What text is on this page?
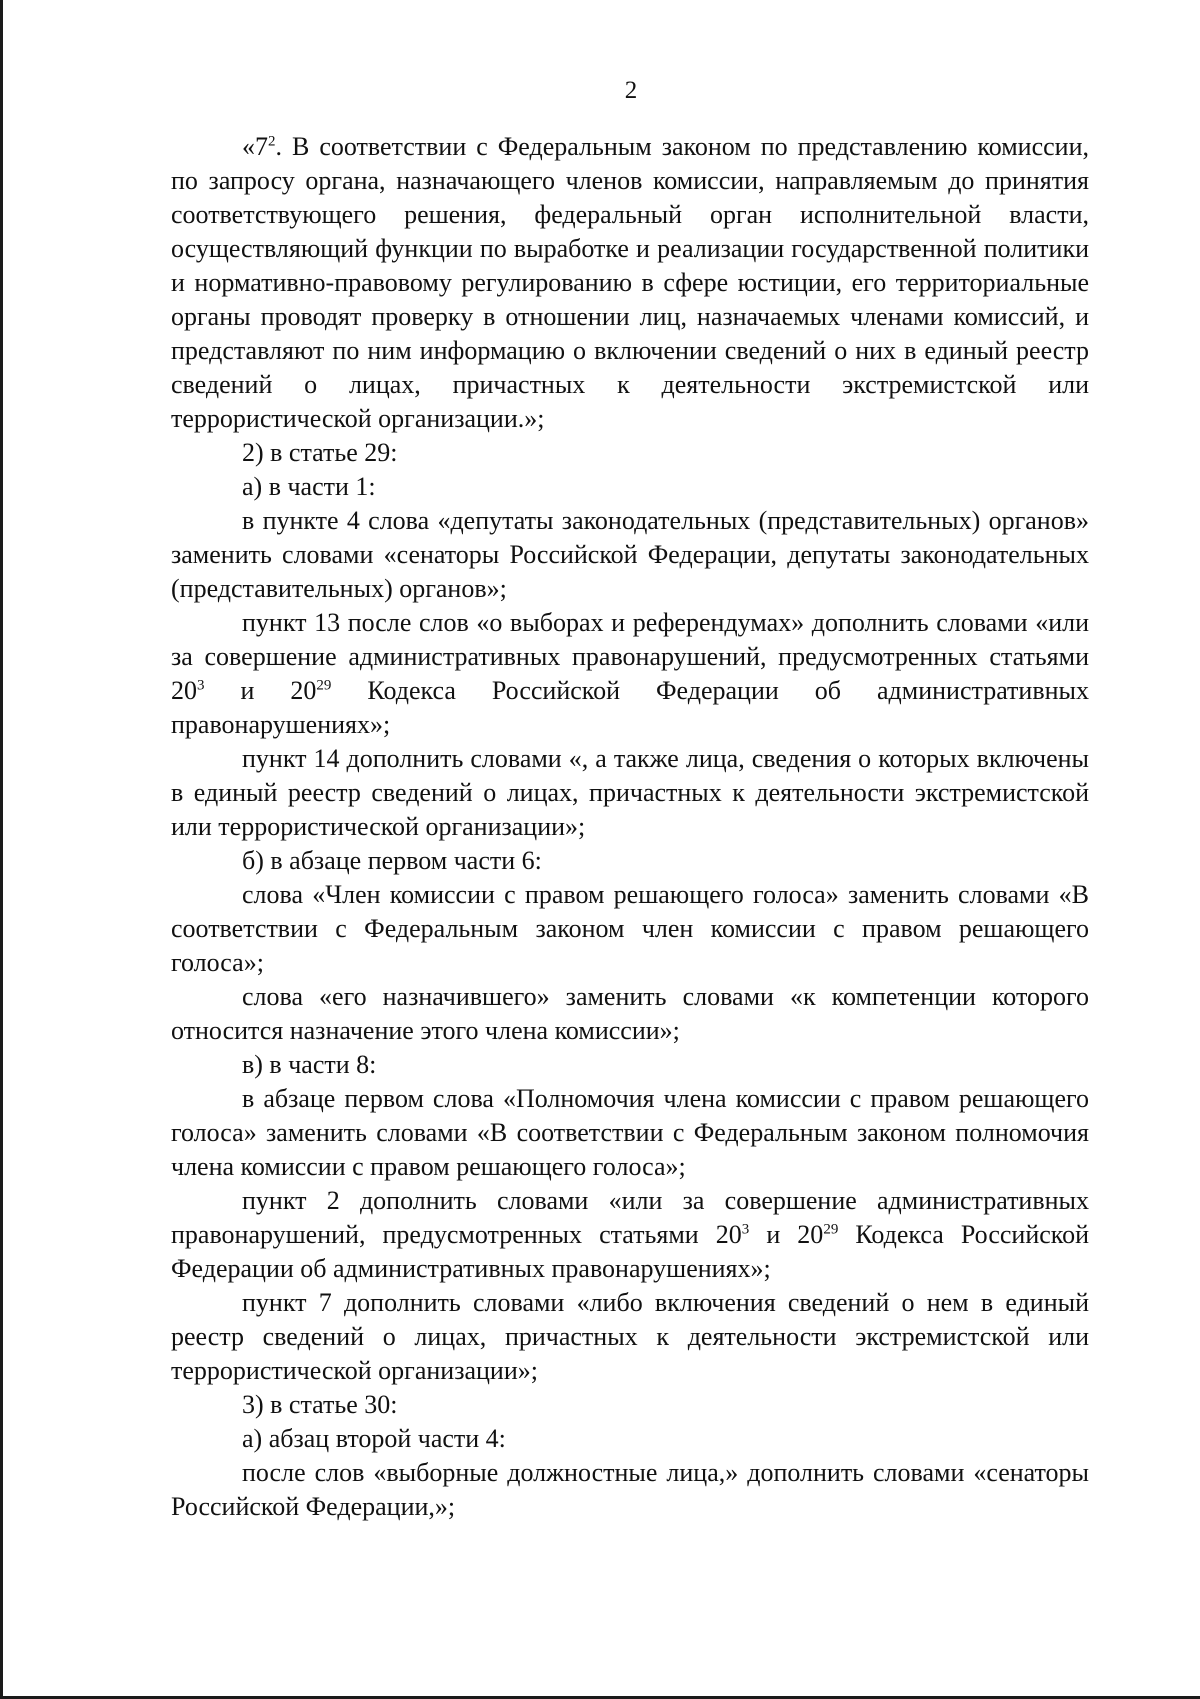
2

«$7^2$. В соответствии с Федеральным законом по представлению комиссии, по запросу органа, назначающего членов комиссии, направляемым до принятия соответствующего решения, федеральный орган исполнительной власти, осуществляющий функции по выработке и реализации государственной политики и нормативно-правовому регулированию в сфере юстиции, его территориальные органы проводят проверку в отношении лиц, назначаемых членами комиссий, и представляют по ним информацию о включении сведений о них в единый реестр сведений о лицах, причастных к деятельности экстремистской или террористической организации.»;

2) в статье 29:

а) в части 1:

в пункте 4 слова «депутаты законодательных (представительных) органов» заменить словами «сенаторы Российской Федерации, депутаты законодательных (представительных) органов»;

пункт 13 после слов «о выборах и референдумах» дополнить словами «или за совершение административных правонарушений, предусмотренных статьями $20^3$ и $20^{29}$ Кодекса Российской Федерации об административных правонарушениях»;

пункт 14 дополнить словами «, а также лица, сведения о которых включены в единый реестр сведений о лицах, причастных к деятельности экстремистской или террористической организации»;

б) в абзаце первом части 6:

слова «Член комиссии с правом решающего голоса» заменить словами «В соответствии с Федеральным законом член комиссии с правом решающего голоса»;

слова «его назначившего» заменить словами «к компетенции которого относится назначение этого члена комиссии»;

в) в части 8:

в абзаце первом слова «Полномочия члена комиссии с правом решающего голоса» заменить словами «В соответствии с Федеральным законом полномочия члена комиссии с правом решающего голоса»;

пункт 2 дополнить словами «или за совершение административных правонарушений, предусмотренных статьями $20^3$ и $20^{29}$ Кодекса Российской Федерации об административных правонарушениях»;

пункт 7 дополнить словами «либо включения сведений о нем в единый реестр сведений о лицах, причастных к деятельности экстремистской или террористической организации»;

3) в статье 30:

а) абзац второй части 4:

после слов «выборные должностные лица,» дополнить словами «сенаторы Российской Федерации,»;
